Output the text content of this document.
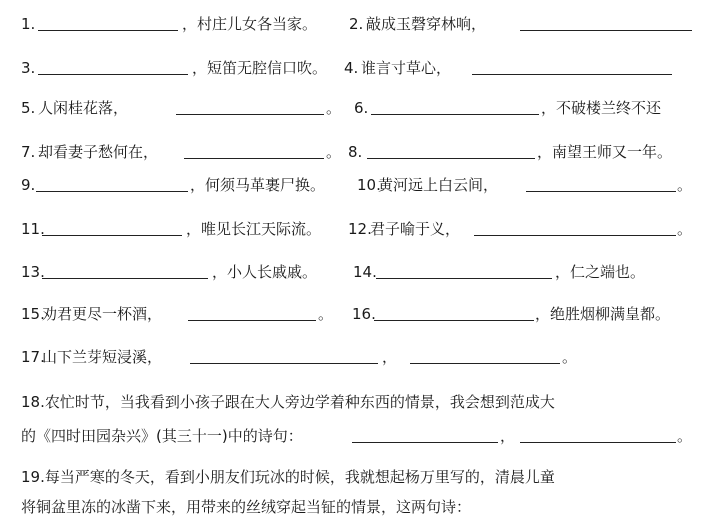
1.	，村庄儿女各当家。 2. 敲成玉磬穿林响，
3.	，短笛无腔信口吹。 4. 谁言寸草心，
5. 人闲桂花落，	。 6.	，不破楼兰终不还
7. 却看妻子愁何在，	。 8.	，南望王师又一年。
9.	，何须马革裹尸换。 10.
黄河远上白云间，	。
11.	，唯见长江天际流。 12.
君子喻于义，	。
13.	，小人长戚戚。 14.	，仁之端也。
15.
劝君更尽一杯酒，	。 16.	，绝胜烟柳满皇都。
17.
山下兰芽短浸溪，	，	。
18.农忙时节，当我看到小孩子跟在大人旁边学着种东西的情景，我会想到范成大
的《四时田园杂兴》(其三十一)中的诗句：	，	。
19.每当严寒的冬天，看到小朋友们玩冰的时候，我就想起杨万里写的，清晨儿童
将铜盆里冻的冰凿下来，用带来的丝绒穿起当钲的情景，这两句诗：
